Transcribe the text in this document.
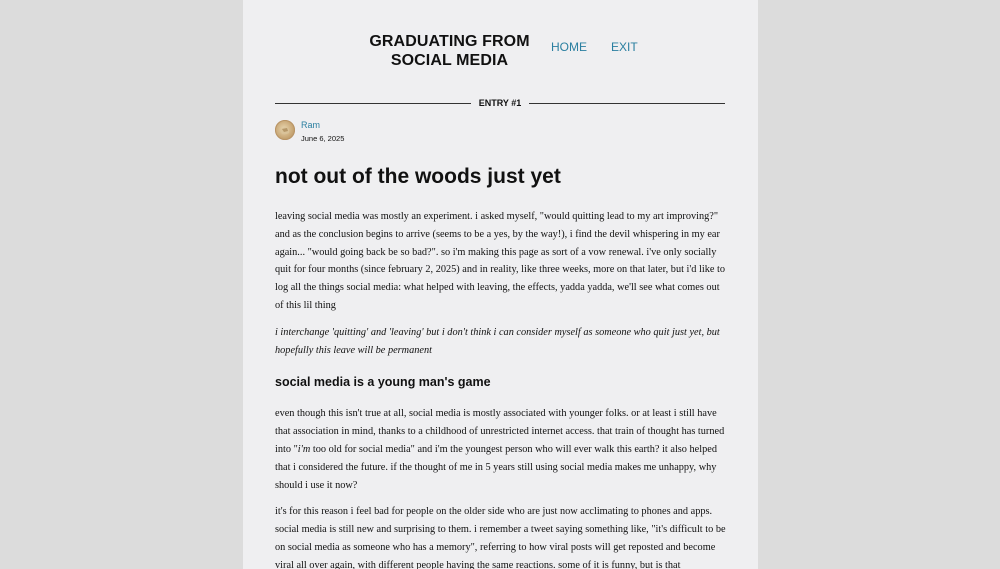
GRADUATING FROM
SOCIAL MEDIA
HOME EXIT
ENTRY #1
Ram
June 6, 2025
not out of the woods just yet

leaving social media was mostly an experiment. i asked myself, "would quitting lead to my art improving?" and as the conclusion begins to arrive (seems to be a yes, by the way!), i find the devil whispering in my ear again... "would going back be so bad?". so i'm making this page as sort of a vow renewal. i've only socially quit for four months (since february 2, 2025) and in reality, like three weeks, more on that later, but i'd like to log all the things social media: what helped with leaving, the effects, yadda yadda, we'll see what comes out of this lil thing

i interchange 'quitting' and 'leaving' but i don't think i can consider myself as someone who quit just yet, but hopefully this leave will be permanent

social media is a young man's game

even though this isn't true at all, social media is mostly associated with younger folks. or at least i still have that association in mind, thanks to a childhood of unrestricted internet access. that train of thought has turned into "i'm too old for social media" and i'm the youngest person who will ever walk this earth? it also helped that i considered the future. if the thought of me in 5 years still using social media makes me unhappy, why should i use it now?

it's for this reason i feel bad for people on the older side who are just now acclimating to phones and apps. social media is still new and surprising to them. i remember a tweet saying something like, "it's difficult to be on social media as someone who has a memory", referring to how viral posts will get reposted and become viral all over again, with different people having the same reactions. some of it is funny, but is that
